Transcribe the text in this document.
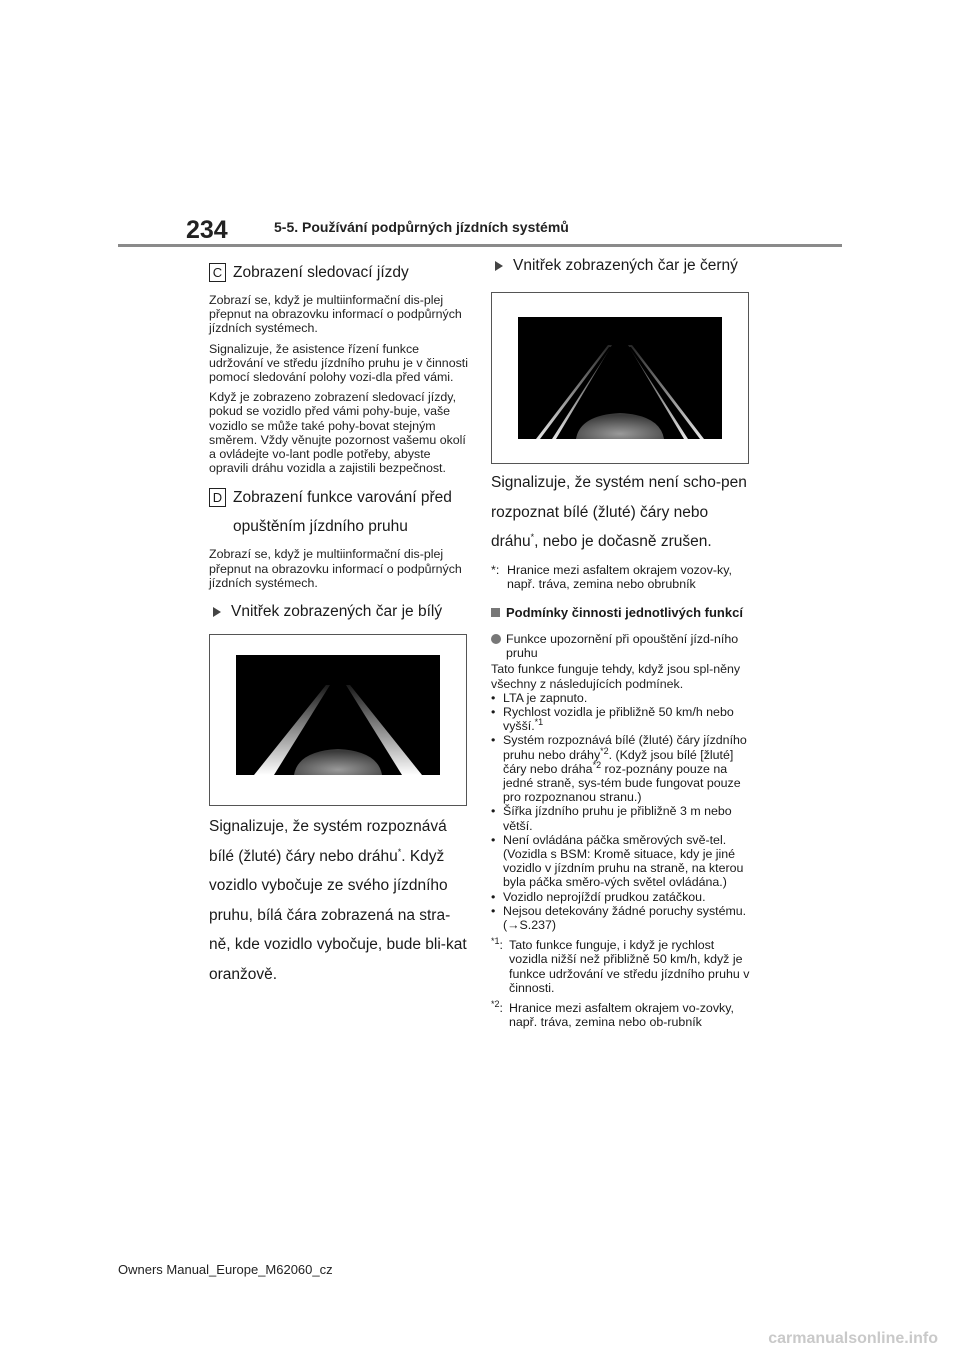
234	5-5. Používání podpůrných jízdních systémů
C Zobrazení sledovací jízdy

Zobrazí se, když je multiinformační dis-plej přepnut na obrazovku informací o podpůrných jízdních systémech.

Signalizuje, že asistence řízení funkce udržování ve středu jízdního pruhu je v činnosti pomocí sledování polohy vozi-dla před vámi.

Když je zobrazeno zobrazení sledovací jízdy, pokud se vozidlo před vámi pohy-buje, vaše vozidlo se může také pohy-bovat stejným směrem. Vždy věnujte pozornost vašemu okolí a ovládejte vo-lant podle potřeby, abyste opravili dráhu vozidla a zajistili bezpečnost.

D Zobrazení funkce varování před opuštěním jízdního pruhu

Zobrazí se, když je multiinformační dis-plej přepnut na obrazovku informací o podpůrných jízdních systémech.

Vnitřek zobrazených čar je bílý
Signalizuje, že systém rozpoznává bílé (žluté) čáry nebo dráhu*. Když vozidlo vybočuje ze svého jízdního pruhu, bílá čára zobrazená na stra-ně, kde vozidlo vybočuje, bude bli-kat oranžově.
Vnitřek zobrazených čar je černý
Signalizuje, že systém není scho-pen rozpoznat bílé (žluté) čáry nebo dráhu*, nebo je dočasně zrušen.
*: Hranice mezi asfaltem okrajem vozov-ky, např. tráva, zemina nebo obrubník
Podmínky činnosti jednotlivých funkcí
Funkce upozornění při opouštění jízd-ního pruhu

Tato funkce funguje tehdy, když jsou spl-něny všechny z následujících podmínek.

• LTA je zapnuto.
• Rychlost vozidla je přibližně 50 km/h nebo vyšší.$^{*1}$
• Systém rozpoznává bílé (žluté) čáry jízdního pruhu nebo dráhy$^{*2}$. (Když jsou bílé [žluté] čáry nebo dráha$^{*2}$ roz-poznány pouze na jedné straně, sys-tém bude fungovat pouze pro rozpoznanou stranu.)
• Šířka jízdního pruhu je přibližně 3 m nebo větší.
• Není ovládána páčka směrových svě-tel. (Vozidla s BSM: Kromě situace, kdy je jiné vozidlo v jízdním pruhu na straně, na kterou byla páčka směro-vých světel ovládána.)
• Vozidlo neprojíždí prudkou zatáčkou.
• Nejsou detekovány žádné poruchy systému. (→S.237)
$^{*1}$: Tato funkce funguje, i když je rychlost vozidla nižší než přibližně 50 km/h, když je funkce udržování ve středu jízdního pruhu v činnosti.
$^{*2}$: Hranice mezi asfaltem okrajem vo-zovky, např. tráva, zemina nebo ob-rubník
Owners Manual_Europe_M62060_cz
carmanualsonline.info
